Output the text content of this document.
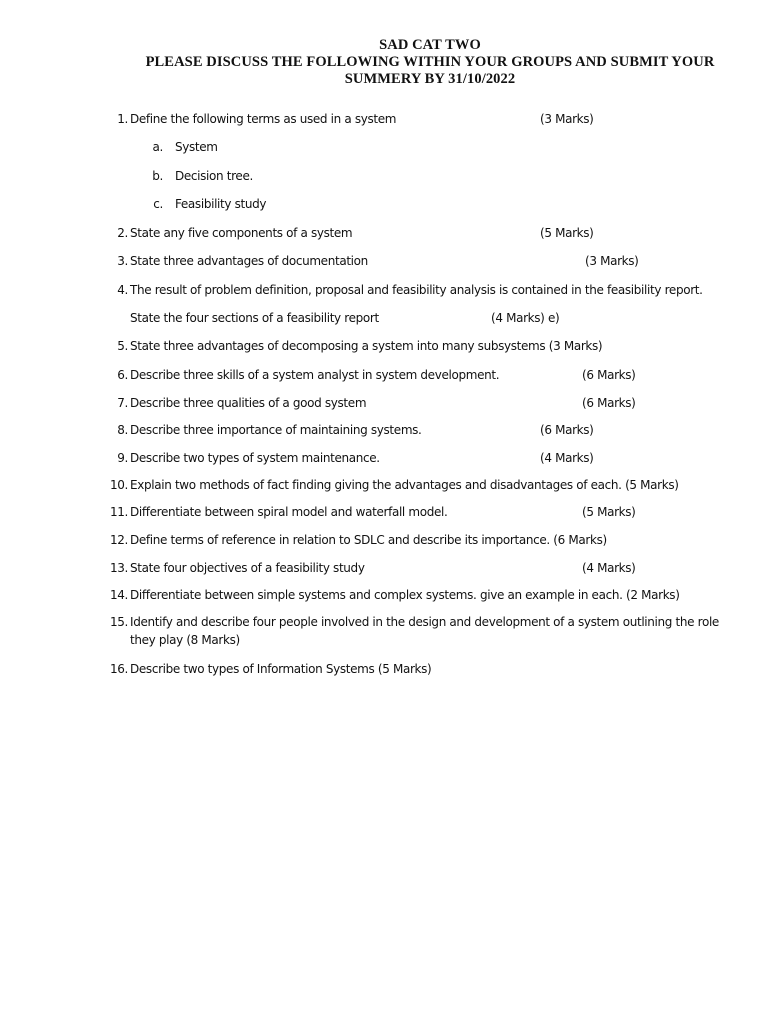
SAD CAT TWO
PLEASE DISCUSS THE FOLLOWING WITHIN YOUR GROUPS AND SUBMIT YOUR
SUMMERY BY 31/10/2022
1. Define the following terms as used in a system	(3 Marks)
a. System
b. Decision tree.
c. Feasibility study
2. State any five components of a system	(5 Marks)
3. State three advantages of documentation	(3 Marks)
4. The result of problem definition, proposal and feasibility analysis is contained in the feasibility report.
State the four sections of a feasibility report	(4 Marks) e)
5. State three advantages of decomposing a system into many subsystems (3 Marks)
6. Describe three skills of a system analyst in system development.	(6 Marks)
7. Describe three qualities of a good system	(6 Marks)
8. Describe three importance of maintaining systems.	(6 Marks)
9. Describe two types of system maintenance.	(4 Marks)
10. Explain two methods of fact finding giving the advantages and disadvantages of each. (5 Marks)
11. Differentiate between spiral model and waterfall model.	(5 Marks)
12. Define terms of reference in relation to SDLC and describe its importance. (6 Marks)
13. State four objectives of a feasibility study	(4 Marks)
14. Differentiate between simple systems and complex systems. give an example in each. (2 Marks)
15. Identify and describe four people involved in the design and development of a system outlining the role they play (8 Marks)
16. Describe two types of Information Systems (5 Marks)
